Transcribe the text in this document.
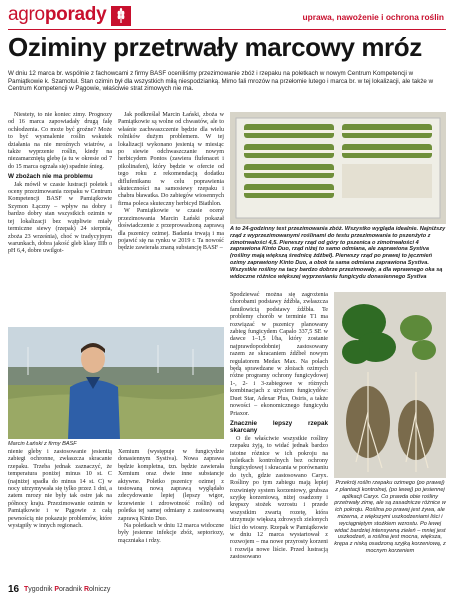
agroporady	uprawa, nawożenie i ochrona roślin
Oziminy przetrwały marcowy mróz
W dniu 12 marca br. wspólnie z fachowcami z firmy BASF oceniliśmy przezimowanie zbóż i rzepaku na poletkach w nowym Centrum Kompetencji w Pamiątkowie k. Szamotuł. Stan ozimin był dla wszystkich miłą niespodzianką. Mimo fali mrozów na przełomie lutego i marca br. w tej lokalizacji, ale także w Centrum Kompetencji w Pągowie, właściwie strat zimowych nie ma.

Niestety, to nie koniec zimy. Prognozy od 16 marca zapowiadały drugą falę ochłodzenia. Co może być groźne? Może to być wysmalenie roślin wskutek działania na nie mroźnych wiatrów, a także wyprzenie roślin, kiedy na niezamarzniętą glebę (a tu w okresie od 7 do 15 marca ogrzała się) spadnie śnieg.

W zbożach nie ma problemu

Jak mówił w czasie lustracji poletek i oceny przezimowania rzepaku w Centrum Kompetencji BASF w Pamiątkowie Szymon Łączny – wpływ na dobry i bardzo dobry stan wszystkich ozimin w tej lokalizacji bez wątpliwie miały termiczne siewy (rzepak) 24 sierpnia, zboża 23 września), choć w tradycyjnym warunkach, dobra jakość gleb klasy IIIb o pH 6,4, dobre uwilgot-

Jak podkreślał Marcin Łański, zboża w Pamiątkowie są wolne od chwastów, ale to właśnie zachwaszczenie będzie dla wielu rolników dużym problemem. W tej lokalizacji wykonano jesienią w miesiąc po siewie odchwaszczanie nowym herbicydem Pontos (zawiera flufenacet i pikolinafen), który będzie w ofercie od tego roku z rekomendacją dodatku diflufenikanu w celu poprawienia skuteczności na samosiewy rzepaku i chabra bławatka. Do zabiegów wiosennych firma poleca skuteczny herbicyd Biathlon.

W Pamiątkowie w czasie oceny przezimowania Marcin Łański pokazał doświadczenie z przeprowadzoną zaprawą dla pszenicy ozimej. Badania trwają i ma pojawić się na rynku w 2019 r. Ta nowość będzie zawierała znaną substancję BASF –

Marcin Łański z firmy BASF

nienie gleby i zastosowanie jesieniią zabiegi ochronne, zwłaszcza skracanie rzepaku. Trzeba jednak zaznaczyć, że temperatura poniżej minus 10 st. C (najniżej spadła do minus 14 st. C) w nocy utrzymywała się tylko przez 1 dni, a zatem mrozy nie były tak ostre jak na północy kraju. Przezimowanie ozimin w Pamiątkowie i w Pągowie z całą pewnością nie pokazuje problemów, które wystąpiły w innych regionach.

Xemium (występuje w fungicydzie donasiennym Systiva). Nowa zaprawa będzie kompletna, tzn. będzie zawierała Xemium oraz dwie inne substancje aktywne. Poletko pszenicy ozimej z testowaną nową zaprawą wyglądało zdecydowanie lepiej (lepszy wigor, krzewienie i zdrowotność roślin) od poletka tej samej odmiany z zastosowaną zaprawą Kinto Duo.

Na poletkach w dniu 12 marca widoczne były jesienne infekcje zbóż, septoriozy, mączniaka i rdzy.

A to 24-godzinny test przezimowania zbóż. Wszystko wygląda idealnie. Najniższy rząd z wyprzezimowanymi roślinami do testu przezimowania to pszenżyto z zimotrwałości 4,5. Pierwszy rząd od góry to pszenica o zimotrwałości 4 zaprawiona Kinto Duo, rząd niżej to samo odmiana, ale zaprawiona Systiva (rośliny mają większą średnicę źdźbeł). Pierwszy rząd po prawej to jęczmień ozimy zaprawiony Kinto Duo, a obok ta sama odmiana zaprawiona Systiva. Wszystkie rośliny na tacy bardzo dobrze przezimowały, a dla wprawnego oka są widoczne różnice większej wyprzenianiu fungicydu donasiennego Systiva

Spodziewać można się zagrożenia chorobami podstawy źdźbła, zwłaszcza famiłowicią podstawy źdźbła. Te problemy chorób w terminie T1 ma rozwiązać w pszenicy planowany zabieg fungicydem Capalo 337,5 SE w dawce 1–1,5 l/ha, który zostanie najprawdopodobniej zastosowany razem ze skracaniem źdźbeł nowym regulatorem Medax Max. Na polach będą sprawdzane w złożach ozimych różne programy ochrony fungicydowej 1-, 2- i 3-zabiegowe w różnych kombinacjach z użyciem fungicydów: Duet Star, Adexar Plus, Osiris, a także nowości – ekonomicznego fungicydu Priaxor.

Znacznie lepszy rzepak skarcany

O ile właściwie wszystkie rośliny rzepaku żyją, to widać jednak bardzo istotne różnice w ich pokroju na poletkach kontrolnych bez ochrony fungicydowej i skracania w porównaniu do tych, gdzie zastosowano Caryx. Rośliny po tym zabiegu mają lepiej rozwinięty system korzeniowy, grubsza szyjkę korzeniową, niżej osadzony i krępszy stożek wzrostu i przede wszystkim zwartą rozetę, która utrzymuje większą zdrowych zielonych liści do wiosny. Rzepak w Pamiątkowie w dniu 12 marca wystartował z rozwojem – ma nowe przyrosty korzeni i rozwija nowe liście. Przed lustracją zastosowano

Przekrój roślin rzepaku ozimego (po prawej) z plantacji kontrolnej, (po lewej) po jesiennej aplikacji Caryx. Co prawda obie rośliny przetrwały zimę, ale są zasadnicze różnice w ich pokroju. Roślina po prawej jest żywa, ale mizerna, z większymi uszkodzeniami liści i wyciągniętym stożkiem wzrostu. Po lewej widać bardziej intensywną zieleń – mniej jest uszkodzeń, a roślina jest mocna, większa, krępa z niską osadzoną szyjką korzeniową, z mocnym korzeniem
16 Tygodnik Poradnik Rolniczy
